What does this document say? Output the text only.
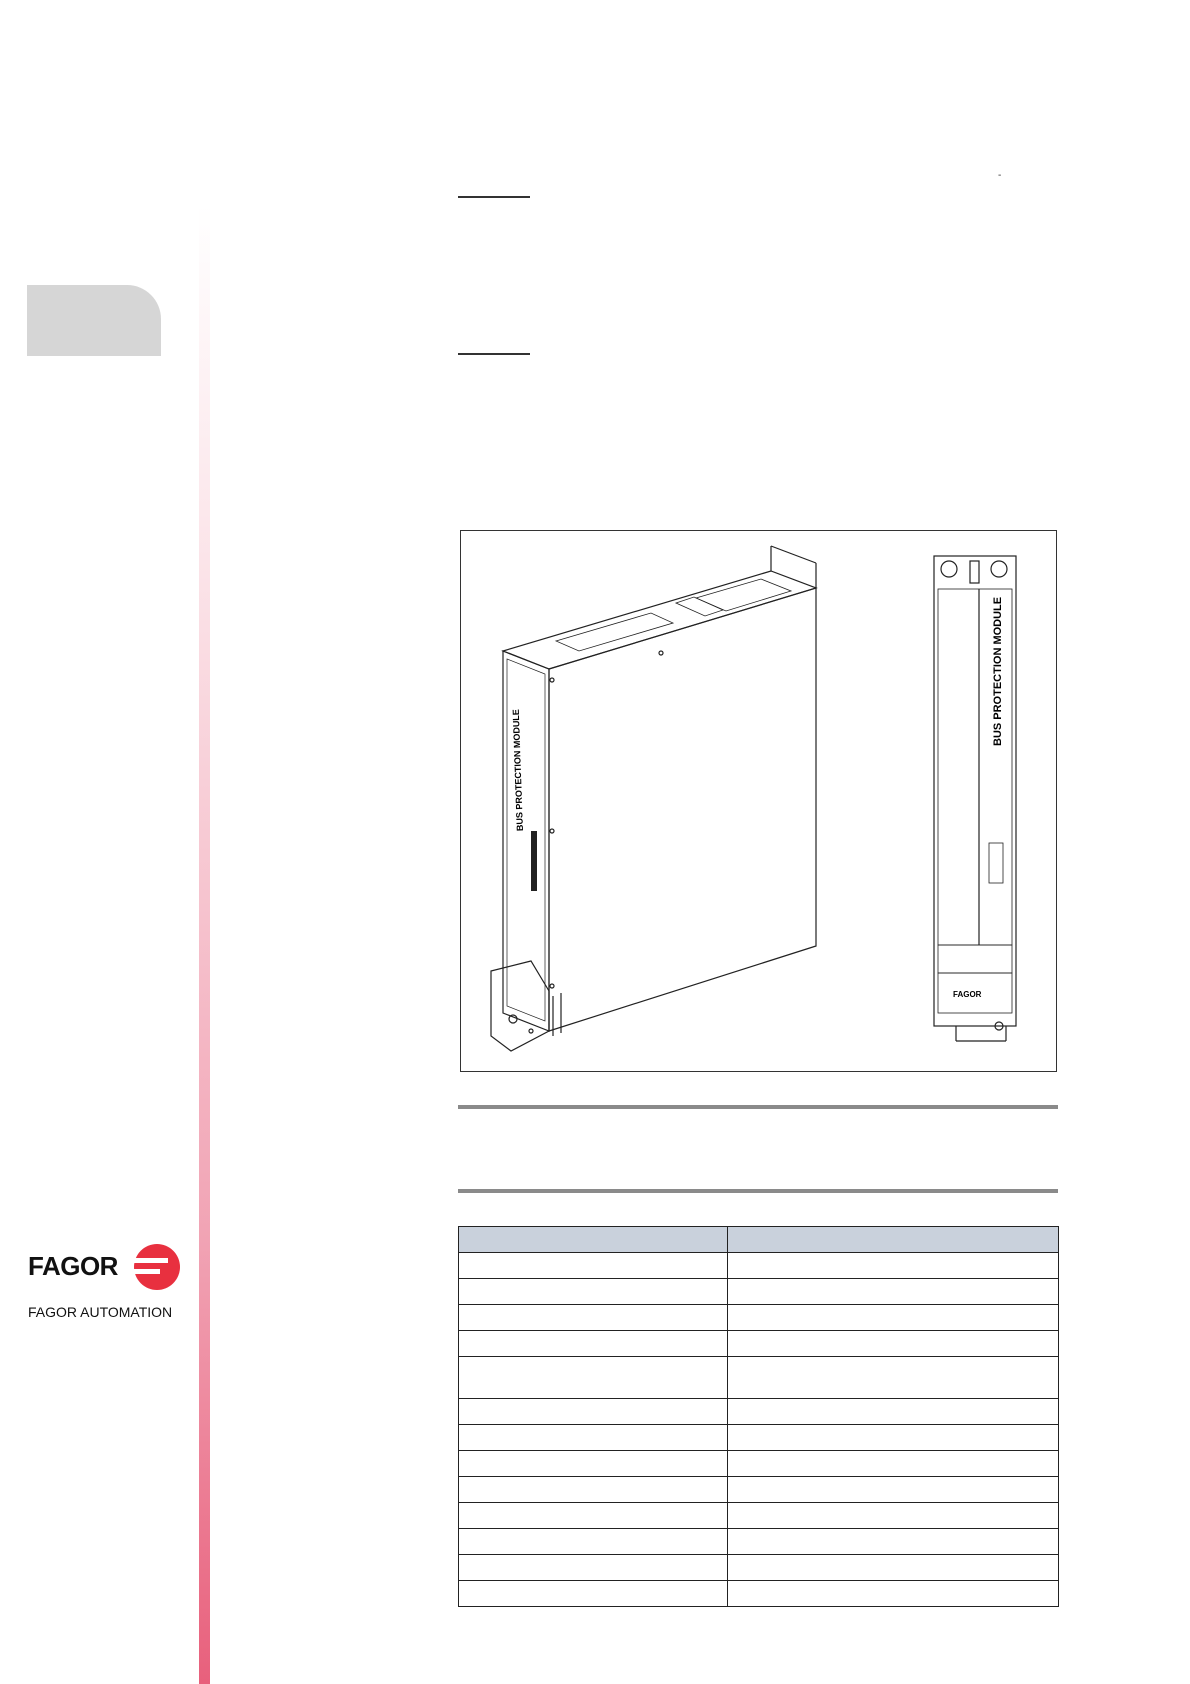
-
BUS PROTECTION MODULE
BUS PROTECTION MODULE
FAGOR

FAGOR
FAGOR AUTOMATION
